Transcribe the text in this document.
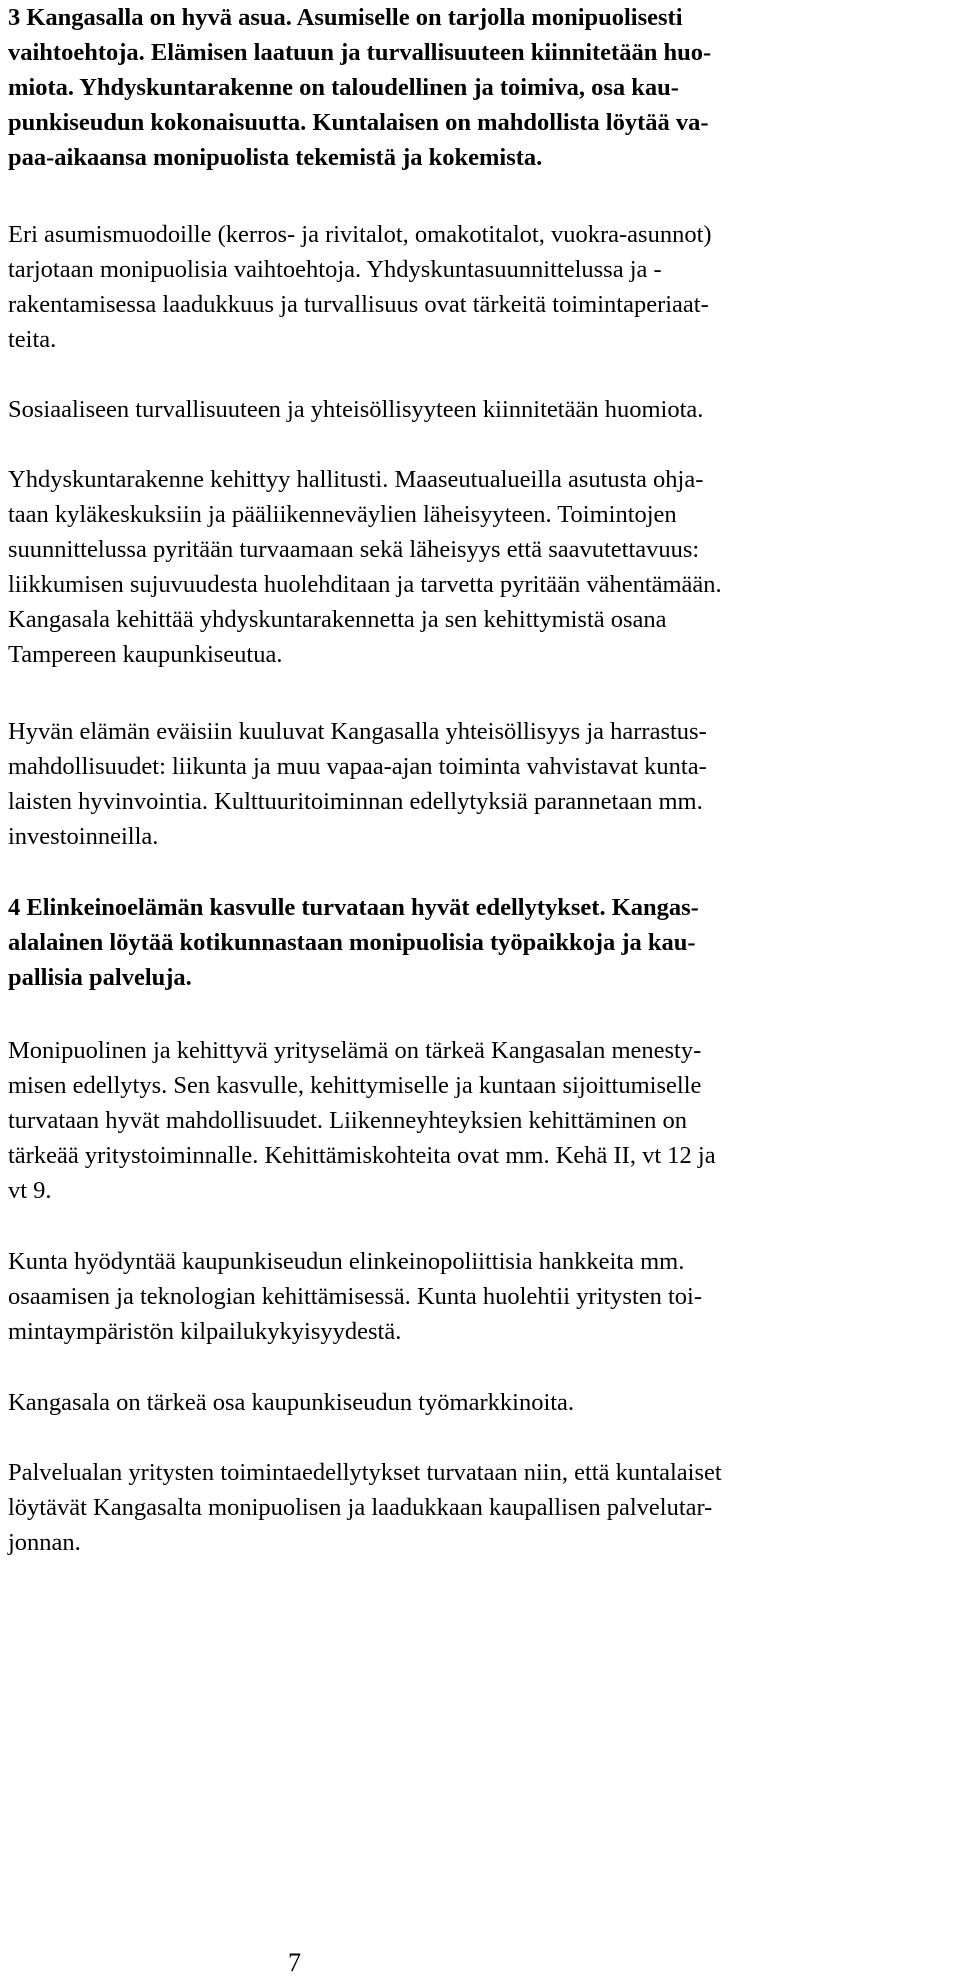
3 Kangasalla on hyvä asua. Asumiselle on tarjolla monipuolisesti
vaihtoehtoja. Elämisen laatuun ja turvallisuuteen kiinnitetään huo-
miota. Yhdyskuntarakenne on taloudellinen ja toimiva, osa kau-
punkiseudun kokonaisuutta. Kuntalaisen on mahdollista löytää va-
paa-aikaansa monipuolista tekemistä ja kokemista.

Eri asumismuodoille (kerros- ja rivitalot, omakotitalot, vuokra-asunnot)
tarjotaan monipuolisia vaihtoehtoja. Yhdyskuntasuunnittelussa ja -
rakentamisessa laadukkuus ja turvallisuus ovat tärkeitä toimintaperiaat-
teita.

Sosiaaliseen turvallisuuteen ja yhteisöllisyyteen kiinnitetään huomiota.

Yhdyskuntarakenne kehittyy hallitusti. Maaseutualueilla asutusta ohja-
taan kyläkeskuksiin ja pääliikenneväylien läheisyyteen. Toimintojen
suunnittelussa pyritään turvaamaan sekä läheisyys että saavutettavuus:
liikkumisen sujuvuudesta huolehditaan ja tarvetta pyritään vähentämään.
Kangasala kehittää yhdyskuntarakennetta ja sen kehittymistä osana
Tampereen kaupunkiseutua.

Hyvän elämän eväisiin kuuluvat Kangasalla yhteisöllisyys ja harrastus-
mahdollisuudet: liikunta ja muu vapaa-ajan toiminta vahvistavat kunta-
laisten hyvinvointia. Kulttuuritoiminnan edellytyksiä parannetaan mm.
investoinneilla.

4 Elinkeinoelämän kasvulle turvataan hyvät edellytykset. Kangas-
alalainen löytää kotikunnastaan monipuolisia työpaikkoja ja kau-
pallisia palveluja.

Monipuolinen ja kehittyvä yrityselämä on tärkeä Kangasalan menesty-
misen edellytys. Sen kasvulle, kehittymiselle ja kuntaan sijoittumiselle
turvataan hyvät mahdollisuudet. Liikenneyhteyksien kehittäminen on
tärkeää yritystoiminnalle. Kehittämiskohteita ovat mm. Kehä II, vt 12 ja
vt 9.

Kunta hyödyntää kaupunkiseudun elinkeinopoliittisia hankkeita mm.
osaamisen ja teknologian kehittämisessä. Kunta huolehtii yritysten toi-
mintaympäristön kilpailukykyisyydestä.

Kangasala on tärkeä osa kaupunkiseudun työmarkkinoita.

Palvelualan yritysten toimintaedellytykset turvataan niin, että kuntalaiset
löytävät Kangasalta monipuolisen ja laadukkaan kaupallisen palvelutar-
jonnan.

7
